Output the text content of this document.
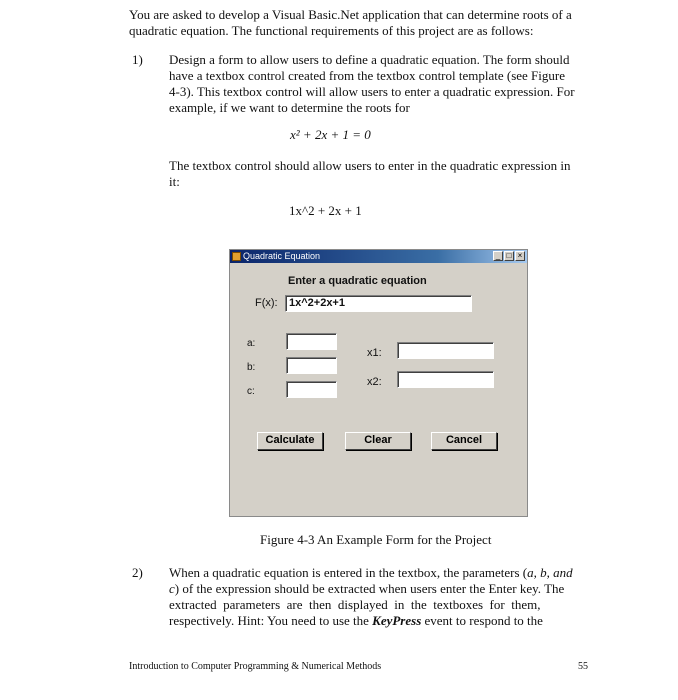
You are asked to develop a Visual Basic.Net application that can determine roots of a
quadratic equation. The functional requirements of this project are as follows:
1) Design a form to allow users to define a quadratic equation. The form should
have a textbox control created from the textbox control template (see Figure
4-3). This textbox control will allow users to enter a quadratic expression. For
example, if we want to determine the roots for
x² + 2x + 1 = 0
The textbox control should allow users to enter in the quadratic expression in
it:
1x^2 + 2x + 1
Quadratic Equation	_ □ ×
Enter a quadratic equation
F(x): 1x^2+2x+1
a:
b:
c:
x1:
x2:
Calculate	Clear	Cancel
Figure 4-3 An Example Form for the Project
2) When a quadratic equation is entered in the textbox, the parameters (a, b, and
c) of the expression should be extracted when users enter the Enter key. The
extracted  parameters  are  then  displayed  in  the  textboxes  for  them,
respectively. Hint: You need to use the KeyPress event to respond to the
Introduction to Computer Programming & Numerical Methods	55
